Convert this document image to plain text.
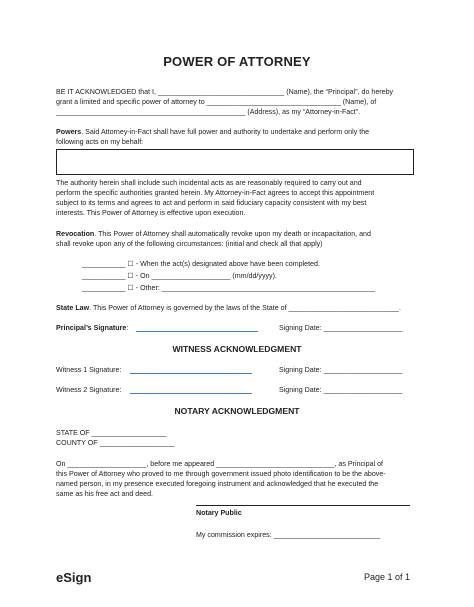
POWER OF ATTORNEY
BE IT ACKNOWLEDGED that I, ________________________________ (Name), the “Principal”, do hereby
grant a limited and specific power of attorney to __________________________________ (Name), of
________________________________________________ (Address), as my “Attorney-in-Fact”.
Powers. Said Attorney-in-Fact shall have full power and authority to undertake and perform only the
following acts on my behalf:
The authority herein shall include such incidental acts as are reasonably required to carry out and
perform the specific authorities granted herein. My Attorney-in-Fact agrees to accept this appointment
subject to its terms and agrees to act and perform in said fiduciary capacity consistent with my best
interests. This Power of Attorney is effective upon execution.
Revocation. This Power of Attorney shall automatically revoke upon my death or incapacitation, and
shall revoke upon any of the following circumstances: (initial and check all that apply)
___________ ☐ - When the act(s) designated above have been completed.
___________ ☐ - On ____________________ (mm/dd/yyyy).
___________ ☐ - Other: ______________________________________________________
State Law. This Power of Attorney is governed by the laws of the State of ____________________________.
Principal’s Signature:	Signing Date: ____________________
WITNESS ACKNOWLEDGMENT
Witness 1 Signature:	Signing Date: ____________________
Witness 2 Signature:	Signing Date: ____________________
NOTARY ACKNOWLEDGMENT
STATE OF ___________________
COUNTY OF ___________________
On ____________________, before me appeared ______________________________, as Principal of
this Power of Attorney who proved to me through government issued photo identification to be the above-
named person, in my presence executed foregoing instrument and acknowledged that he executed the
same as his free act and deed.
Notary Public
My commission expires: ___________________________
eSign	Page 1 of 1
